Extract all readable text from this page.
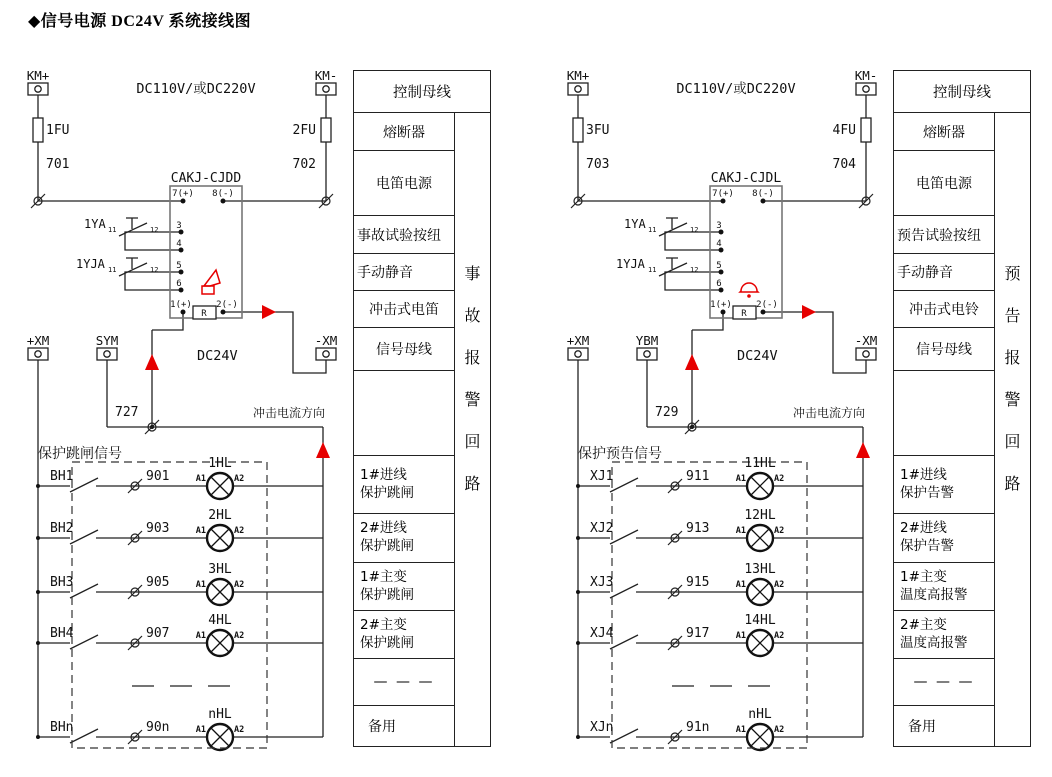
◆信号电源 DC24V 系统接线图
KM+	KM-
DC110V/或DC220V
1FU	2FU
701	702
CAKJ-CJDD
7(+) 8(-)
3
4
5
6
1(+)	2(-)
R
1YA 11	12
1YJA 11	12
+XM	SYM	-XM
DC24V
727	冲击电流方向
保护跳闸信号
BH1	901
1HL
A1	A2
BH2	903
2HL
A1	A2
BH3	905
3HL
A1	A2
BH4	907
4HL
A1	A2
BHn	90n
nHL
A1	A2
控制母线
熔断器
电笛电源
事故试验按纽
手动静音
冲击式电笛
信号母线
1#进线
保护跳闸
2#进线
保护跳闸
1#主变
保护跳闸
2#主变
保护跳闸
— — —
备用
事故报警回路
KM+	KM-
DC110V/或DC220V
3FU	4FU
703	704
CAKJ-CJDL
7(+) 8(-)
3
4
5
6
1(+)	2(-)
R
1YA 11	12
1YJA 11	12
+XM	YBM	-XM
DC24V
729	冲击电流方向
保护预告信号
XJ1	911
11HL
A1	A2
XJ2	913
12HL
A1	A2
XJ3	915
13HL
A1	A2
XJ4	917
14HL
A1	A2
XJn	91n
nHL
A1	A2
控制母线
熔断器
电笛电源
预告试验按纽
手动静音
冲击式电铃
信号母线
1#进线
保护告警
2#进线
保护告警
1#主变
温度高报警
2#主变
温度高报警
— — —
备用
预告报警回路
